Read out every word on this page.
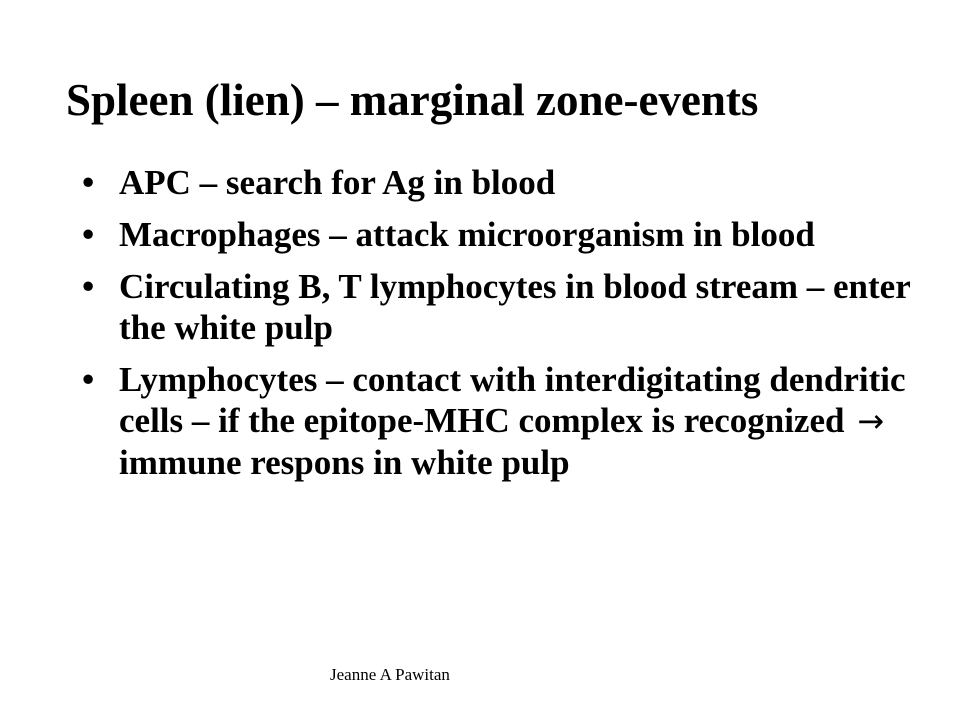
Spleen (lien) – marginal zone-events
• APC – search for Ag in blood
• Macrophages – attack microorganism in blood
• Circulating B, T lymphocytes in blood stream – enter the white pulp
• Lymphocytes – contact with interdigitating dendritic cells – if the epitope-MHC complex is recognized → immune respons in white pulp
Jeanne A Pawitan
